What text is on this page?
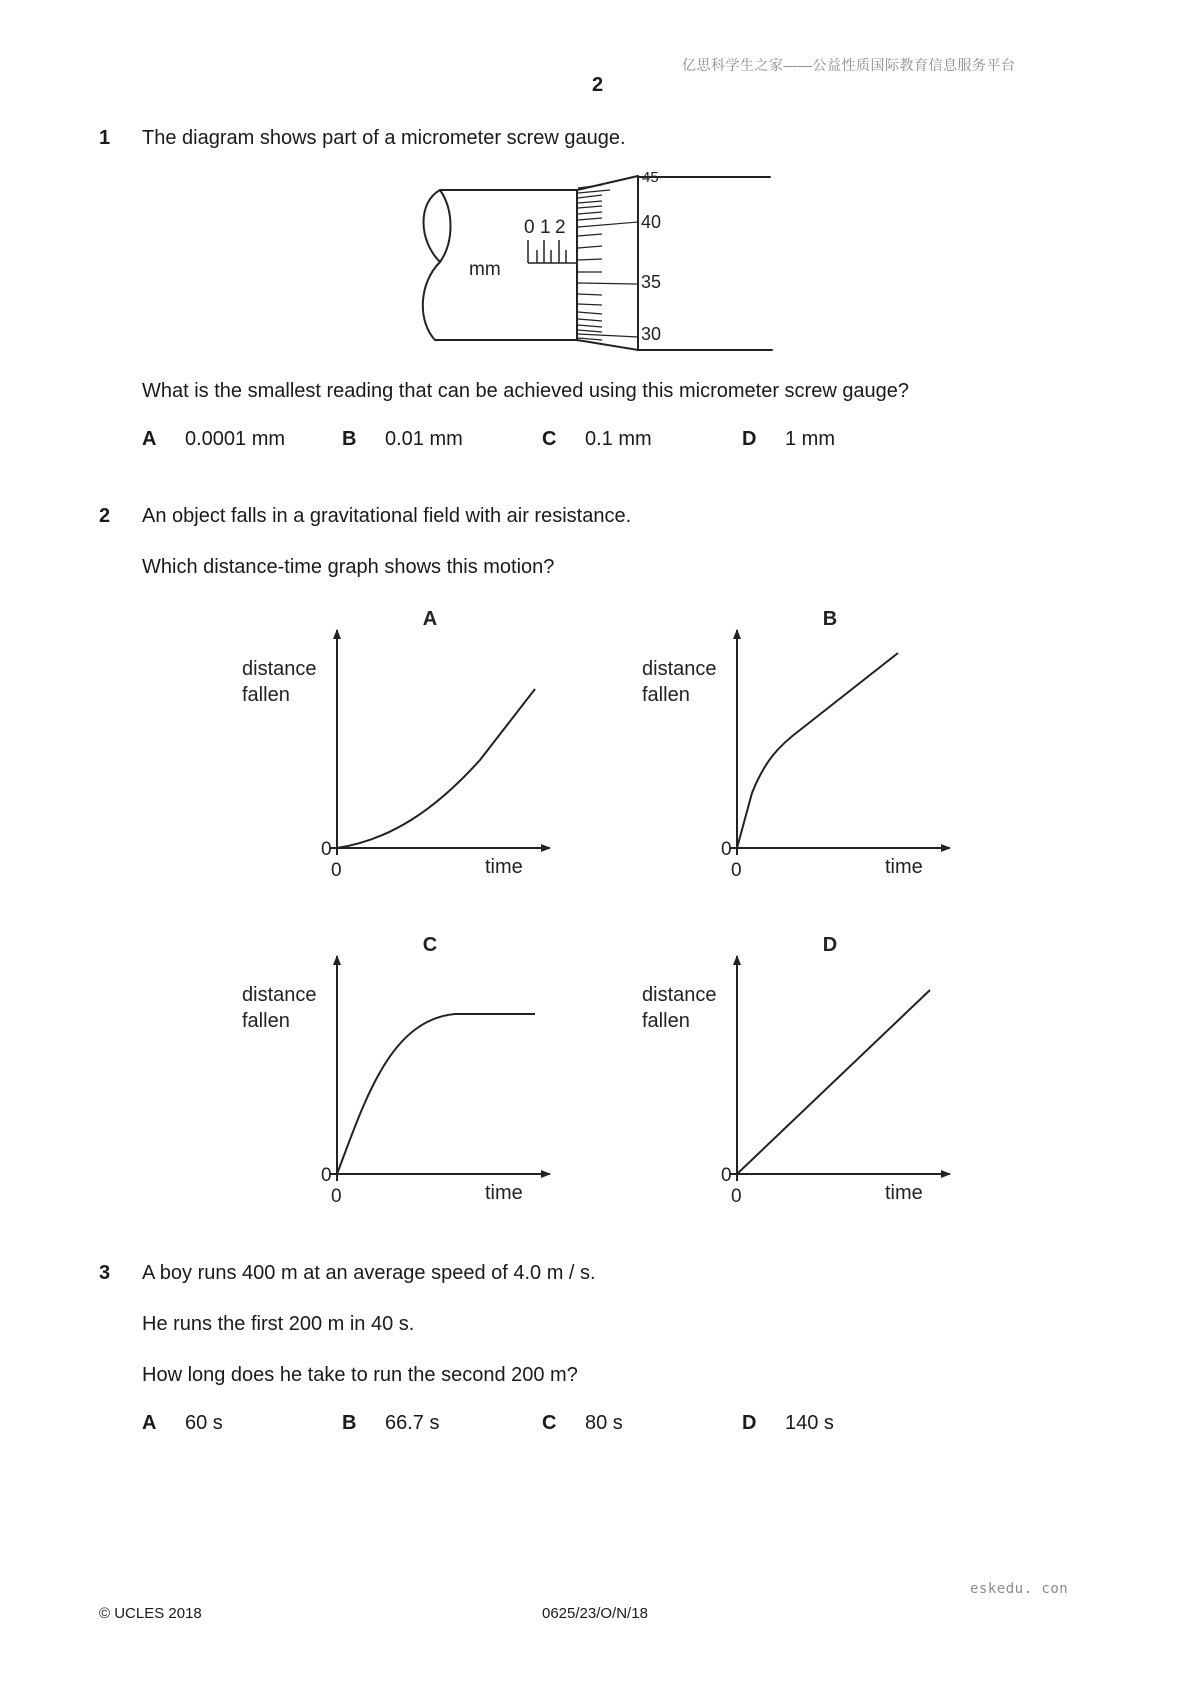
亿思科学生之家——公益性质国际教育信息服务平台
2
1 The diagram shows part of a micrometer screw gauge.
0 1 2
mm
45
40
35
30
What is the smallest reading that can be achieved using this micrometer screw gauge?
A 0.0001 mm	B 0.01 mm	C 0.1 mm	D 1 mm
2 An object falls in a gravitational field with air resistance.
Which distance-time graph shows this motion?
A
distance
fallen
0
0	time
B
distance
fallen
0
0	time
C
distance
fallen
0
0	time
D
distance
fallen
0
0	time
3 A boy runs 400 m at an average speed of 4.0 m / s.
He runs the first 200 m in 40 s.
How long does he take to run the second 200 m?
A 60 s	B 66.7 s	C 80 s	D 140 s
eskedu. con
© UCLES 2018	0625/23/O/N/18
